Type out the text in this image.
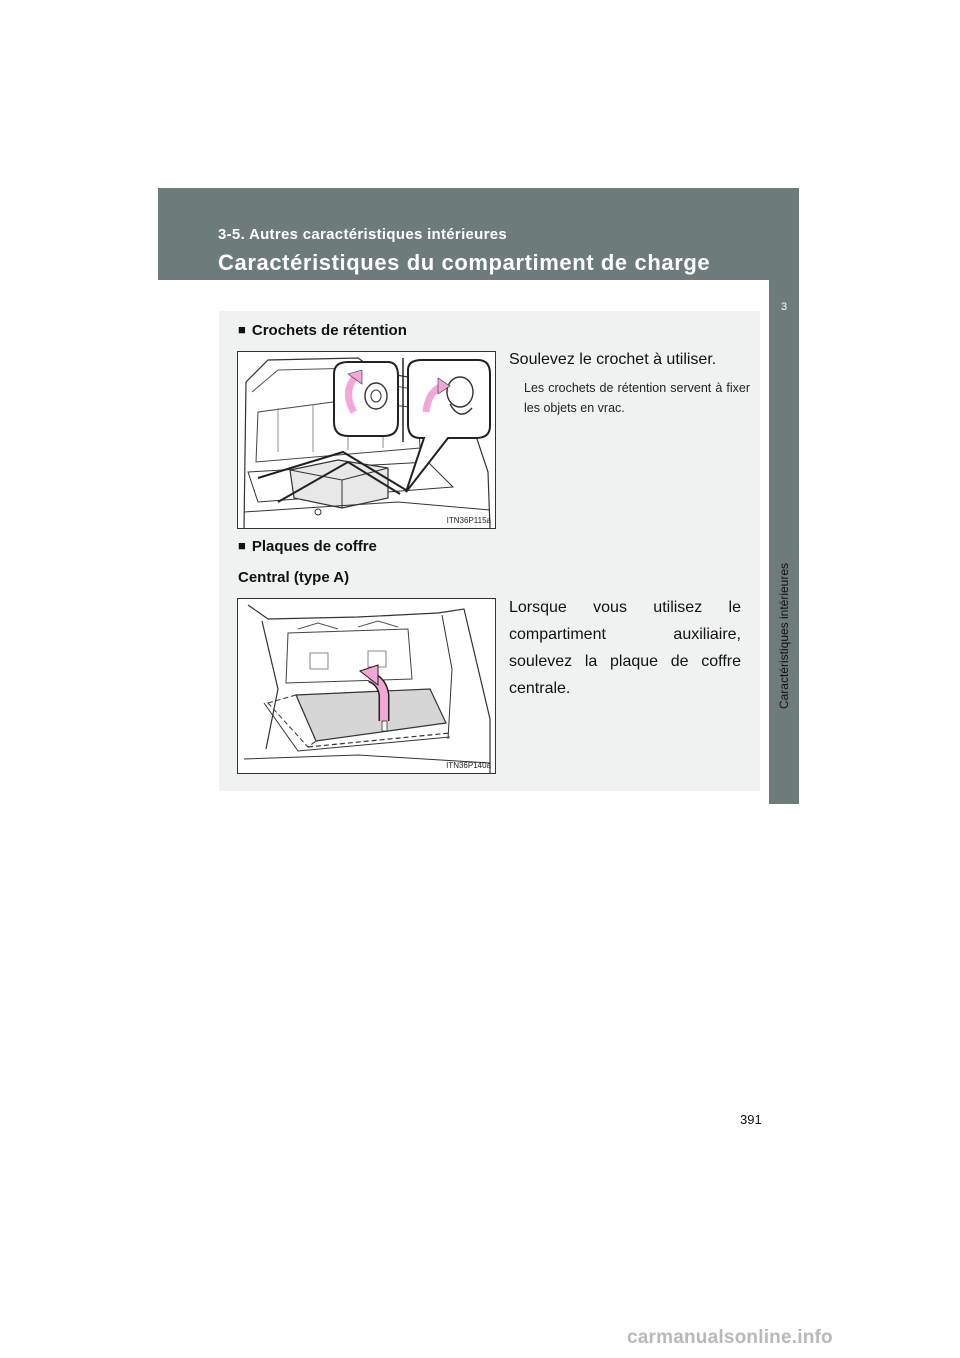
3-5. Autres caractéristiques intérieures
Caractéristiques du compartiment de charge
3
Caractéristiques intérieures
■ Crochets de rétention
ITN36P115a
Soulevez le crochet à utiliser.
Les crochets de rétention servent à fixer les objets en vrac.
■ Plaques de coffre
Central (type A)
ITN36P140a
Lorsque vous utilisez le compartiment auxiliaire, soulevez la plaque de coffre centrale.
391
carmanualsonline.info
